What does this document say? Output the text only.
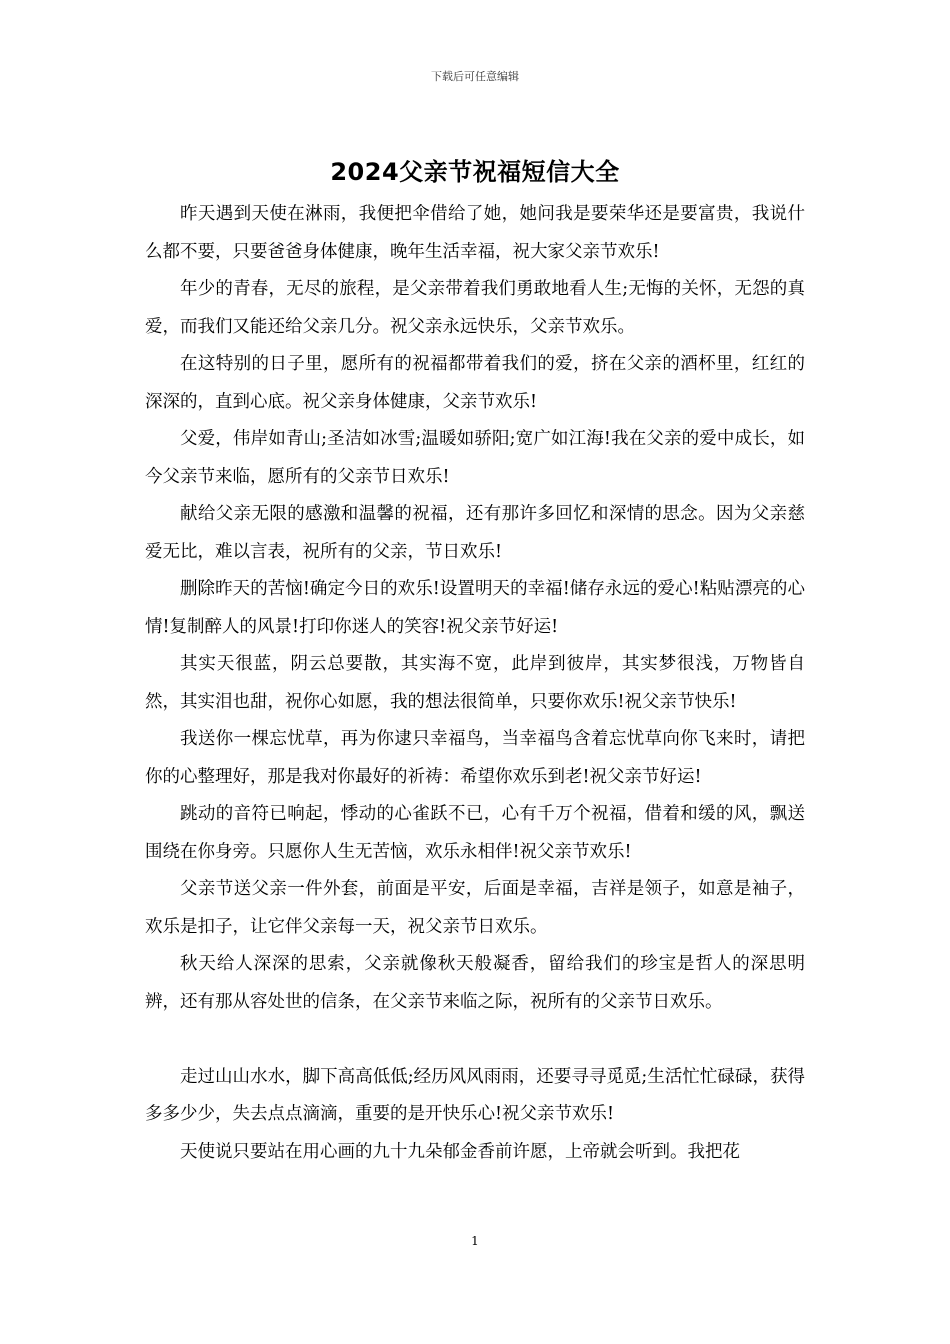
下载后可任意编辑
2024父亲节祝福短信大全

昨天遇到天使在淋雨，我便把伞借给了她，她问我是要荣华还是要富贵，我说什么都不要，只要爸爸身体健康，晚年生活幸福，祝大家父亲节欢乐!

年少的青春，无尽的旅程，是父亲带着我们勇敢地看人生;无悔的关怀，无怨的真爱，而我们又能还给父亲几分。祝父亲永远快乐，父亲节欢乐。

在这特别的日子里，愿所有的祝福都带着我们的爱，挤在父亲的酒杯里，红红的深深的，直到心底。祝父亲身体健康，父亲节欢乐!

父爱，伟岸如青山;圣洁如冰雪;温暖如骄阳;宽广如江海!我在父亲的爱中成长，如今父亲节来临，愿所有的父亲节日欢乐!

献给父亲无限的感激和温馨的祝福，还有那许多回忆和深情的思念。因为父亲慈爱无比，难以言表，祝所有的父亲，节日欢乐!

删除昨天的苦恼!确定今日的欢乐!设置明天的幸福!储存永远的爱心!粘贴漂亮的心情!复制醉人的风景!打印你迷人的笑容!祝父亲节好运!

其实天很蓝，阴云总要散，其实海不宽，此岸到彼岸，其实梦很浅，万物皆自然，其实泪也甜，祝你心如愿，我的想法很简单，只要你欢乐!祝父亲节快乐!

我送你一棵忘忧草，再为你逮只幸福鸟，当幸福鸟含着忘忧草向你飞来时，请把你的心整理好，那是我对你最好的祈祷：希望你欢乐到老!祝父亲节好运!

跳动的音符已响起，悸动的心雀跃不已，心有千万个祝福，借着和缓的风，飘送围绕在你身旁。只愿你人生无苦恼，欢乐永相伴!祝父亲节欢乐!

父亲节送父亲一件外套，前面是平安，后面是幸福，吉祥是领子，如意是袖子，欢乐是扣子，让它伴父亲每一天，祝父亲节日欢乐。

秋天给人深深的思索，父亲就像秋天般凝香，留给我们的珍宝是哲人的深思明辨，还有那从容处世的信条，在父亲节来临之际，祝所有的父亲节日欢乐。

走过山山水水，脚下高高低低;经历风风雨雨，还要寻寻觅觅;生活忙忙碌碌，获得多多少少，失去点点滴滴，重要的是开快乐心!祝父亲节欢乐!

天使说只要站在用心画的九十九朵郁金香前许愿，上帝就会听到。我把花

1
